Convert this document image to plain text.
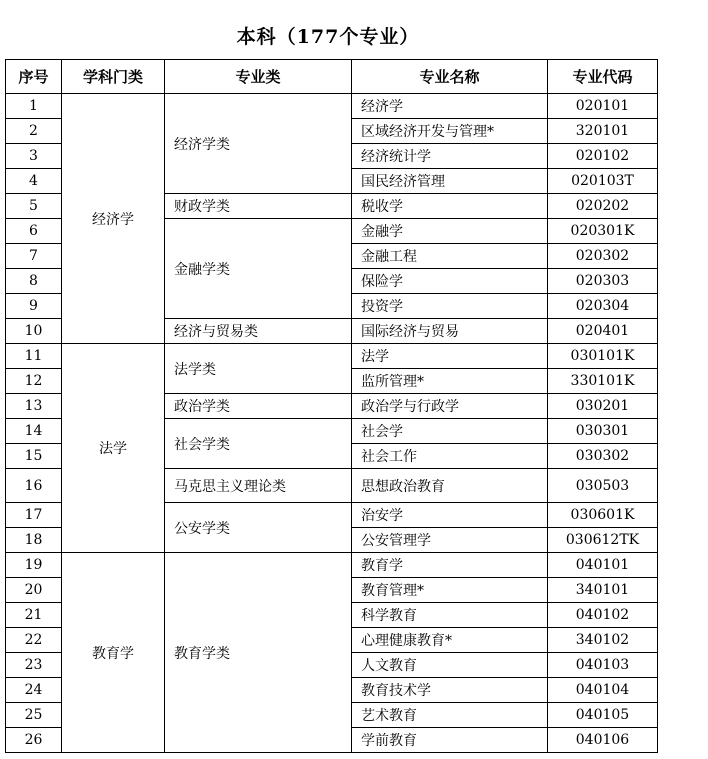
本科（177个专业）
序号	学科门类	专业类	专业名称	专业代码
1	经济学	经济学类	经济学	020101
2			区域经济开发与管理*	320101
3			经济统计学	020102
4			国民经济管理	020103T
5		财政学类	税收学	020202
6		金融学类	金融学	020301K
7			金融工程	020302
8			保险学	020303
9			投资学	020304
10		经济与贸易类	国际经济与贸易	020401
11	法学	法学类	法学	030101K
12			监所管理*	330101K
13		政治学类	政治学与行政学	030201
14		社会学类	社会学	030301
15			社会工作	030302
16		马克思主义理论类	思想政治教育	030503
17		公安学类	治安学	030601K
18			公安管理学	030612TK
19	教育学	教育学类	教育学	040101
20			教育管理*	340101
21			科学教育	040102
22			心理健康教育*	340102
23			人文教育	040103
24			教育技术学	040104
25			艺术教育	040105
26			学前教育	040106
